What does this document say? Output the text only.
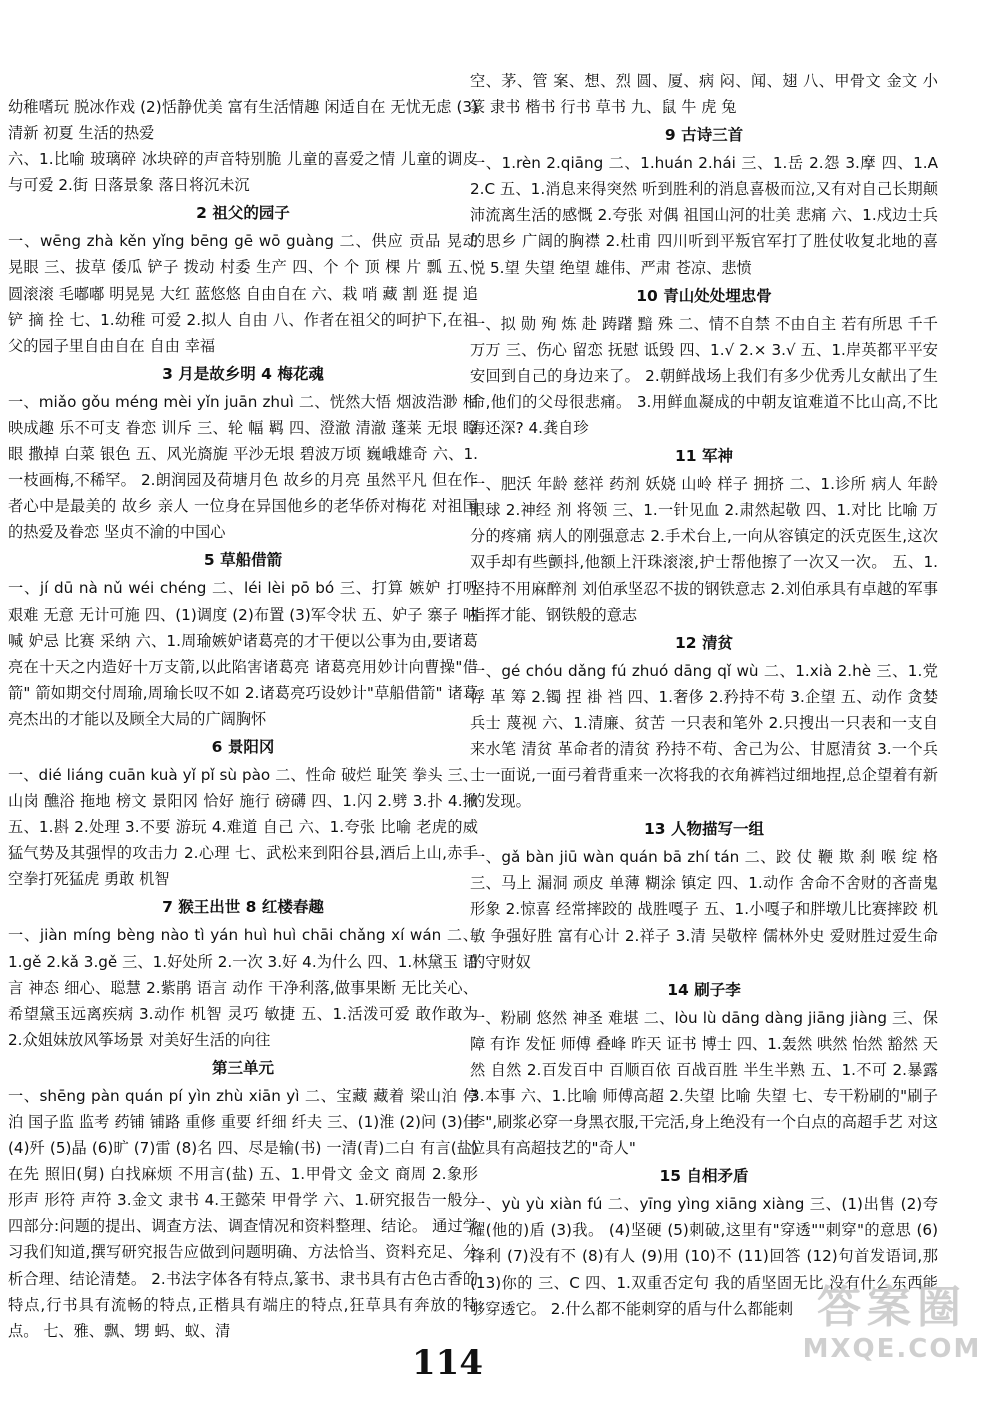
幼稚嗜玩 脱冰作戏 (2)恬静优美 富有生活情趣 闲适自在 无忧无虑 (3)清新 初夏 生活的热爱

六、1.比喻 玻璃碎 冰块碎的声音特别脆 儿童的喜爱之情 儿童的调皮与可爱 2.街 日落景象 落日将沉未沉

2 祖父的园子

一、wēng zhà kěn yǐng bēng gē wō guàng 二、供应 贡品 晃动 晃眼 三、拔草 倭瓜 铲子 拨动 村委 生产 四、个 个 顶 棵 片 瓢 五、圆滚滚 毛嘟嘟 明晃晃 大红 蓝悠悠 自由自在 六、栽 哨 藏 割 逛 提 追 铲 摘 拴 七、1.幼稚 可爱 2.拟人 自由 八、作者在祖父的呵护下,在祖父的园子里自由自在 自由 幸福

3 月是故乡明 4 梅花魂

一、miǎo gǒu méng mèi yǐn juān zhuì 二、恍然大悟 烟波浩渺 相映成趣 乐不可支 眷恋 训斥 三、轮 幅 羁 四、澄澈 清澈 蓬莱 无垠 瞪眼 撒掉 白菜 银色 五、风光旖旎 平沙无垠 碧波万顷 巍峨雄奇 六、1.一枝画梅,不稀罕。 2.朗润园及荷塘月色 故乡的月亮 虽然平凡 但在作者心中是最美的 故乡 亲人 一位身在异国他乡的老华侨对梅花 对祖国的热爱及眷恋 坚贞不渝的中国心

5 草船借箭

一、jí dū nà nǔ wéi chéng 二、léi lèi pō bó 三、打算 嫉妒 打听 艰难 无意 无计可施 四、(1)调度 (2)布置 (3)军令状 五、妒子 寨子 呐喊 妒忌 比赛 采纳 六、1.周瑜嫉妒诸葛亮的才干便以公事为由,要诸葛亮在十天之内造好十万支箭,以此陷害诸葛亮 诸葛亮用妙计向曹操"借箭" 箭如期交付周瑜,周瑜长叹不如 2.诸葛亮巧设妙计"草船借箭" 诸葛亮杰出的才能以及顾全大局的广阔胸怀

6 景阳冈

一、dié liáng cuān kuà yǐ pǐ sù pào 二、性命 破烂 耻笑 拳头 三、山岗 醮浴 拖地 榜文 景阳冈 恰好 施行 磅礴 四、1.闪 2.劈 3.扑 4.揪 五、1.斟 2.处理 3.不要 游玩 4.难道 自己 六、1.夸张 比喻 老虎的威猛气势及其强悍的攻击力 2.心理 七、武松来到阳谷县,酒后上山,赤手空拳打死猛虎 勇敢 机智

7 猴王出世 8 红楼春趣

一、jiàn míng bèng nào tì yán huì huì chāi chǎng xí wán 二、1.gě 2.kǎ 3.gě 三、1.好处所 2.一次 3.好 4.为什么 四、1.林黛玉 语言 神态 细心、聪慧 2.紫鹃 语言 动作 干净利落,做事果断 无比关心、希望黛玉远离疾病 3.动作 机智 灵巧 敏捷 五、1.活泼可爱 敢作敢为 2.众姐妹放风筝场景 对美好生活的向往

第三单元

一、shēng pàn quán pí yìn zhù xiān yì 二、宝藏 藏着 梁山泊 停泊 国子监 监考 药铺 铺路 重修 重要 纤细 纤夫 三、(1)淮 (2)问 (3)佳 (4)歼 (5)晶 (6)旷 (7)雷 (8)名 四、尽是输(书) 一清(青)二白 有言(盐)在先 照旧(舅) 白找麻烦 不用言(盐) 五、1.甲骨文 金文 商周 2.象形 形声 形符 声符 3.金文 隶书 4.王懿荣 甲骨学 六、1.研究报告一般分四部分:问题的提出、调查方法、调查情况和资料整理、结论。 通过学习我们知道,撰写研究报告应做到问题明确、方法恰当、资料充足、分析合理、结论清楚。 2.书法字体各有特点,篆书、隶书具有古色古香的特点,行书具有流畅的特点,正楷具有端庄的特点,狂草具有奔放的特点。 七、雅、飘、甥 蚂、蚁、清

空、茅、管 案、想、烈 圆、厦、病 闷、闻、翅 八、甲骨文 金文 小篆 隶书 楷书 行书 草书 九、鼠 牛 虎 兔

9 古诗三首

一、1.rèn 2.qiāng 二、1.huán 2.hái 三、1.岳 2.怨 3.摩 四、1.A 2.C 五、1.消息来得突然 听到胜利的消息喜极而泣,又有对自己长期颠沛流离生活的感慨 2.夸张 对偶 祖国山河的壮美 悲痛 六、1.戍边士兵的思乡 广阔的胸襟 2.杜甫 四川听到平叛官军打了胜仗收复北地的喜悦 5.望 失望 绝望 雄伟、严肃 苍凉、悲愤

10 青山处处埋忠骨

一、拟 勋 殉 炼 赴 踌躇 黯 殊 二、情不自禁 不由自主 若有所思 千千万万 三、伤心 留恋 抚慰 诋毁 四、1.√ 2.× 3.√ 五、1.岸英都平平安安回到自己的身边来了。 2.朝鲜战场上我们有多少优秀儿女献出了生命,他们的父母很悲痛。 3.用鲜血凝成的中朝友谊难道不比山高,不比海还深? 4.龚自珍

11 军神

一、肥沃 年龄 慈祥 药剂 妖娆 山岭 样子 拥挤 二、1.诊所 病人 年龄 眼球 2.神经 剂 将领 三、1.一针见血 2.肃然起敬 四、1.对比 比喻 万分的疼痛 病人的刚强意志 2.手术台上,一向从容镇定的沃克医生,这次双手却有些颤抖,他额上汗珠滚滚,护士帮他擦了一次又一次。 五、1.坚持不用麻醉剂 刘伯承坚忍不拔的钢铁意志 2.刘伯承具有卓越的军事指挥才能、钢铁般的意志

12 清贫

一、gé chóu dǎng fú zhuó dāng qǐ wù 二、1.xià 2.hè 三、1.党 俘 革 筹 2.镯 捏 褂 裆 四、1.奢侈 2.矜持不苟 3.企望 五、动作 贪婪 兵士 蔑视 六、1.清廉、贫苦 一只表和笔外 2.只搜出一只表和一支自来水笔 清贫 革命者的清贫 矜持不苟、舍己为公、甘愿清贫 3.一个兵士一面说,一面弓着背重来一次将我的衣角裤裆过细地捏,总企望着有新的发现。

13 人物描写一组

一、gǎ bàn jiū wàn quán bā zhí tán 二、跤 仗 鞭 欺 刹 喉 绽 格 三、马上 漏洞 顽皮 单薄 糊涂 镇定 四、1.动作 舍命不舍财的吝啬鬼形象 2.惊喜 经常摔跤的 战胜嘎子 五、1.小嘎子和胖墩儿比赛摔跤 机敏 争强好胜 富有心计 2.祥子 3.清 吴敬梓 儒林外史 爱财胜过爱生命的守财奴

14 刷子李

一、粉刷 悠然 神圣 难堪 二、lòu lù dāng dàng jiāng jiàng 三、保障 有诈 发怔 师傅 叠峰 昨天 证书 博士 四、1.轰然 哄然 怡然 豁然 天然 自然 2.百发百中 百顺百依 百战百胜 半生半熟 五、1.不可 2.暴露 3.本事 六、1.比喻 师傅高超 2.失望 比喻 失望 七、专干粉刷的"刷子李",刷浆必穿一身黑衣服,干完活,身上绝没有一个白点的高超手艺 对这位具有高超技艺的"奇人"

15 自相矛盾

一、yù yù xiàn fú 二、yīng yìng xiāng xiàng 三、(1)出售 (2)夸耀(他的)盾 (3)我。 (4)坚硬 (5)刺破,这里有"穿透""刺穿"的意思 (6)锋利 (7)没有不 (8)有人 (9)用 (10)不 (11)回答 (12)句首发语词,那 (13)你的 三、C 四、1.双重否定句 我的盾坚固无比,没有什么东西能够穿透它。 2.什么都不能刺穿的盾与什么都能刺

114
答案圈
MXQE.COM
